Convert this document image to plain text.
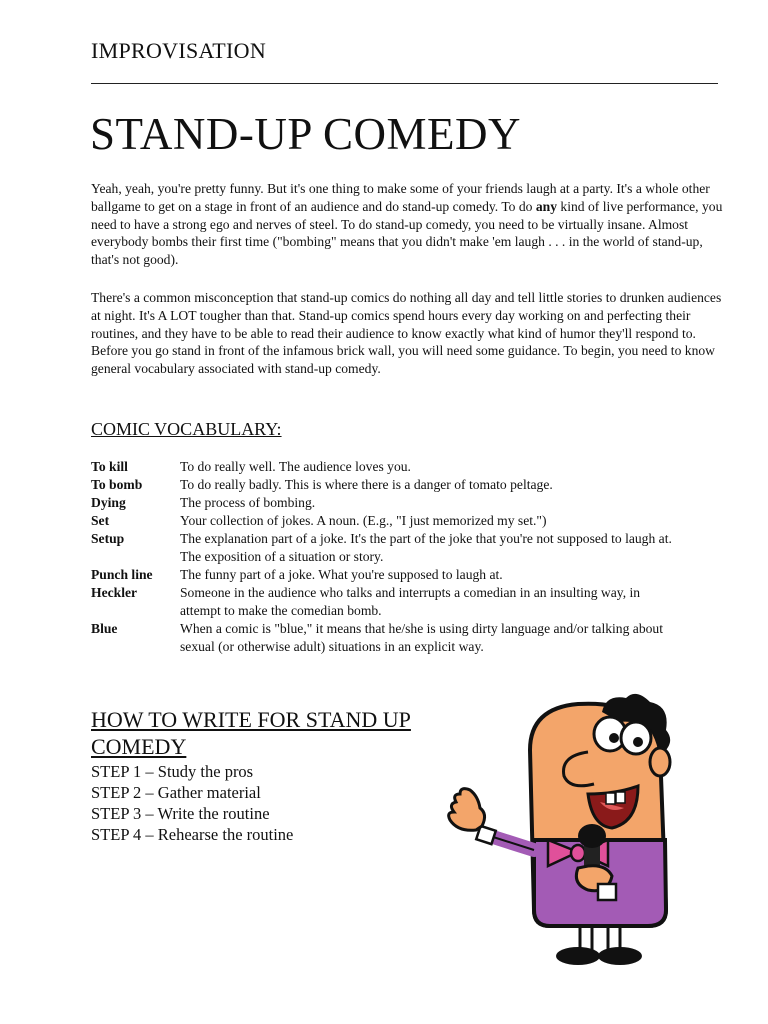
IMPROVISATION
STAND-UP COMEDY

Yeah, yeah, you're pretty funny. But it's one thing to make some of your friends laugh at a party. It's a whole other ballgame to get on a stage in front of an audience and do stand-up comedy. To do any kind of live performance, you need to have a strong ego and nerves of steel. To do stand-up comedy, you need to be virtually insane. Almost everybody bombs their first time ("bombing" means that you didn't make 'em laugh . . . in the world of stand-up, that's not good).

There's a common misconception that stand-up comics do nothing all day and tell little stories to drunken audiences at night. It's A LOT tougher than that. Stand-up comics spend hours every day working on and perfecting their routines, and they have to be able to read their audience to know exactly what kind of humor they'll respond to. Before you go stand in front of the infamous brick wall, you will need some guidance. To begin, you need to know general vocabulary associated with stand-up comedy.

COMIC VOCABULARY:
To kill	To do really well. The audience loves you.
To bomb	To do really badly. This is where there is a danger of tomato peltage.
Dying	The process of bombing.
Set	Your collection of jokes. A noun. (E.g., "I just memorized my set.")
Setup	The explanation part of a joke. It's the part of the joke that you're not supposed to laugh at. The exposition of a situation or story.
Punch line	The funny part of a joke. What you're supposed to laugh at.
Heckler	Someone in the audience who talks and interrupts a comedian in an insulting way, in attempt to make the comedian bomb.
Blue	When a comic is "blue," it means that he/she is using dirty language and/or talking about sexual (or otherwise adult) situations in an explicit way.
HOW TO WRITE FOR STAND UP COMEDY
STEP 1 – Study the pros
STEP 2 – Gather material
STEP 3 – Write the routine
STEP 4 – Rehearse the routine
